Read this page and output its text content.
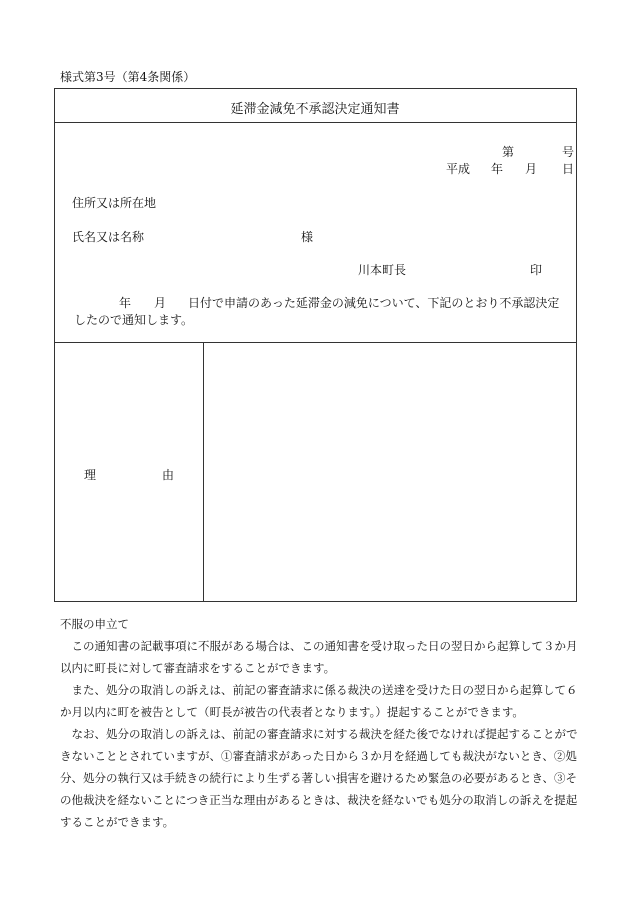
様式第3号（第4条関係）
延滞金減免不承認決定通知書
第	号
平成 年 月 日
住所又は所在地
氏名又は名称	様
川本町長	印
年 月 日付で申請のあった延滞金の減免について、下記のとおり不承認決定
したので通知します。
理	由

不服の申立て

この通知書の記載事項に不服がある場合は、この通知書を受け取った日の翌日から起算して３か月以内に町長に対して審査請求をすることができます。

また、処分の取消しの訴えは、前記の審査請求に係る裁決の送達を受けた日の翌日から起算して６か月以内に町を被告として（町長が被告の代表者となります。）提起することができます。

なお、処分の取消しの訴えは、前記の審査請求に対する裁決を経た後でなければ提起することができないこととされていますが、①審査請求があった日から３か月を経過しても裁決がないとき、②処分、処分の執行又は手続きの続行により生ずる著しい損害を避けるため緊急の必要があるとき、③その他裁決を経ないことにつき正当な理由があるときは、裁決を経ないでも処分の取消しの訴えを提起することができます。
